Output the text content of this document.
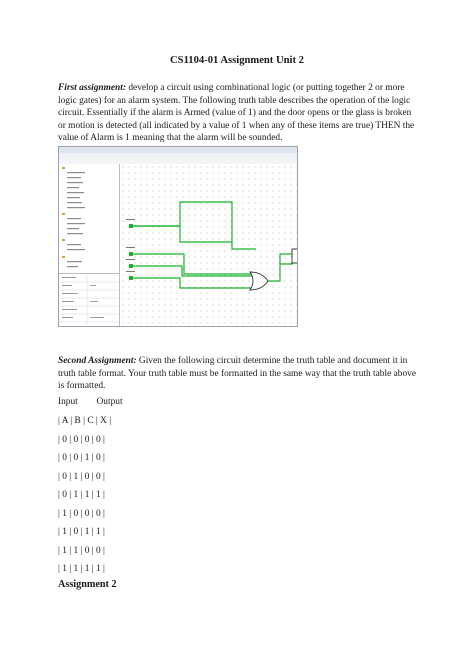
CS1104-01 Assignment Unit 2

First assignment: develop a circuit using combinational logic (or putting together 2 or more logic gates) for an alarm system. The following truth table describes the operation of the logic circuit. Essentially if the alarm is Armed (value of 1) and the door opens or the glass is broken or motion is detected (all indicated by a value of 1 when any of these items are true) THEN the value of Alarm is 1 meaning that the alarm will be sounded.

Second Assignment: Given the following circuit determine the truth table and document it in truth table format. Your truth table must be formatted in the same way that the truth table above is formatted.

Input        Output
| A | B | C | X |
| 0 | 0 | 0 | 0 |
| 0 | 0 | 1 | 0 |
| 0 | 1 | 0 | 0 |
| 0 | 1 | 1 | 1 |
| 1 | 0 | 0 | 0 |
| 1 | 0 | 1 | 1 |
| 1 | 1 | 0 | 0 |
| 1 | 1 | 1 | 1 |
Assignment 2
